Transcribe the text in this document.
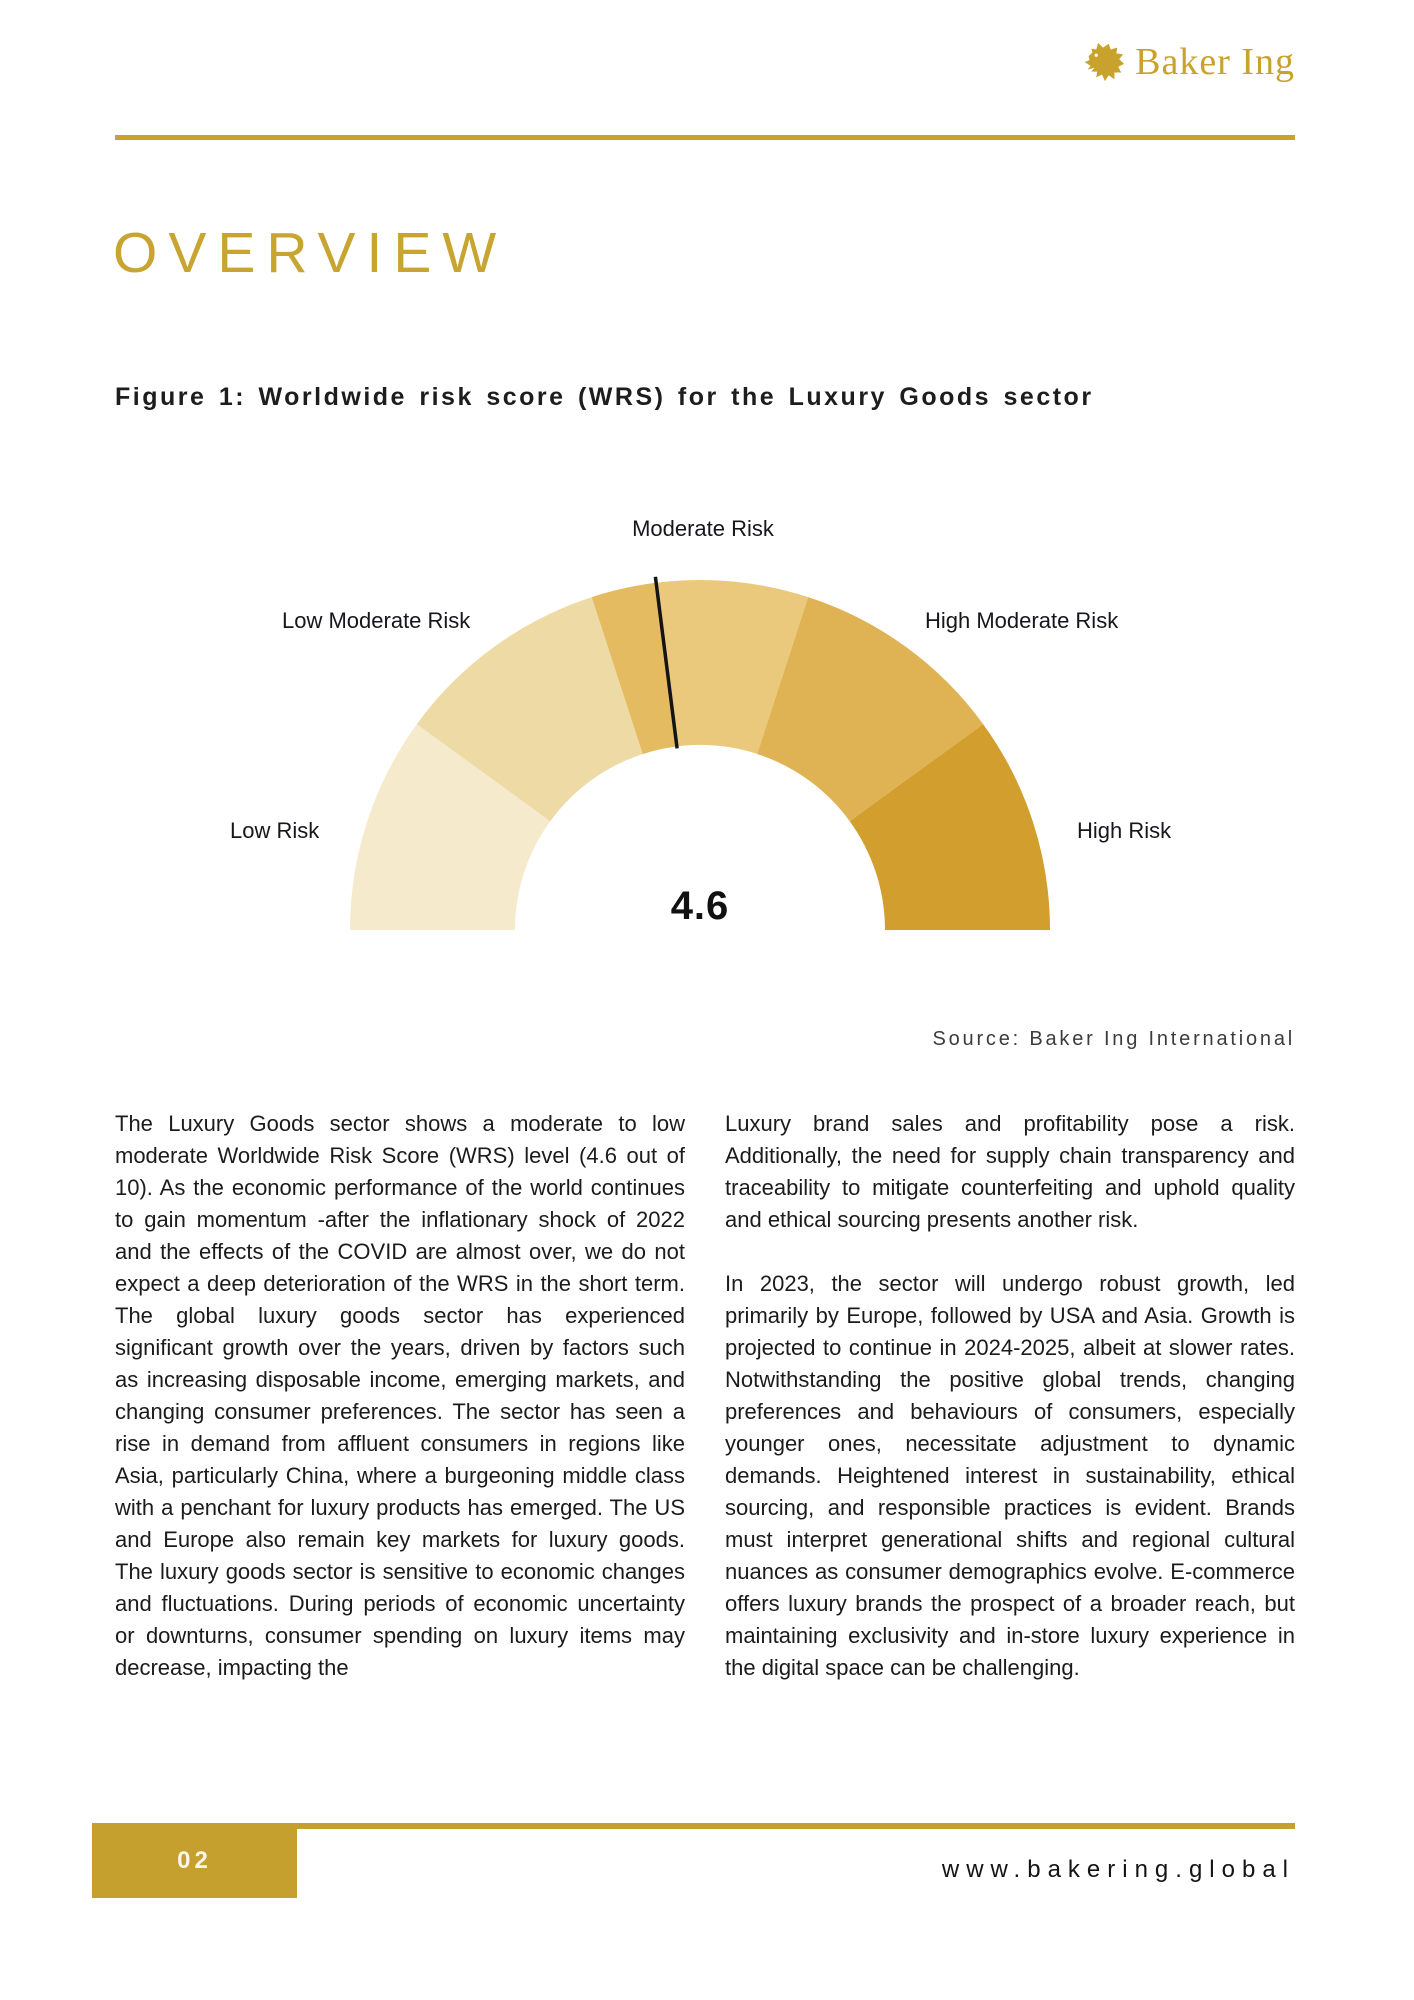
Baker Ing
OVERVIEW
Figure 1: Worldwide risk score (WRS) for the Luxury Goods sector
Moderate Risk
Low Moderate Risk	High Moderate Risk
Low Risk	High Risk
4.6
Source: Baker Ing International

The Luxury Goods sector shows a moderate to low moderate Worldwide Risk Score (WRS) level (4.6 out of 10). As the economic performance of the world continues to gain momentum -after the inflationary shock of 2022 and the effects of the COVID are almost over, we do not expect a deep deterioration of the WRS in the short term. The global luxury goods sector has experienced significant growth over the years, driven by factors such as increasing disposable income, emerging markets, and changing consumer preferences. The sector has seen a rise in demand from affluent consumers in regions like Asia, particularly China, where a burgeoning middle class with a penchant for luxury products has emerged. The US and Europe also remain key markets for luxury goods. The luxury goods sector is sensitive to economic changes and fluctuations. During periods of economic uncertainty or downturns, consumer spending on luxury items may decrease, impacting the

Luxury brand sales and profitability pose a risk. Additionally, the need for supply chain transparency and traceability to mitigate counterfeiting and uphold quality and ethical sourcing presents another risk.

In 2023, the sector will undergo robust growth, led primarily by Europe, followed by USA and Asia. Growth is projected to continue in 2024-2025, albeit at slower rates. Notwithstanding the positive global trends, changing preferences and behaviours of consumers, especially younger ones, necessitate adjustment to dynamic demands. Heightened interest in sustainability, ethical sourcing, and responsible practices is evident. Brands must interpret generational shifts and regional cultural nuances as consumer demographics evolve. E-commerce offers luxury brands the prospect of a broader reach, but maintaining exclusivity and in-store luxury experience in the digital space can be challenging.

02	www.bakering.global
